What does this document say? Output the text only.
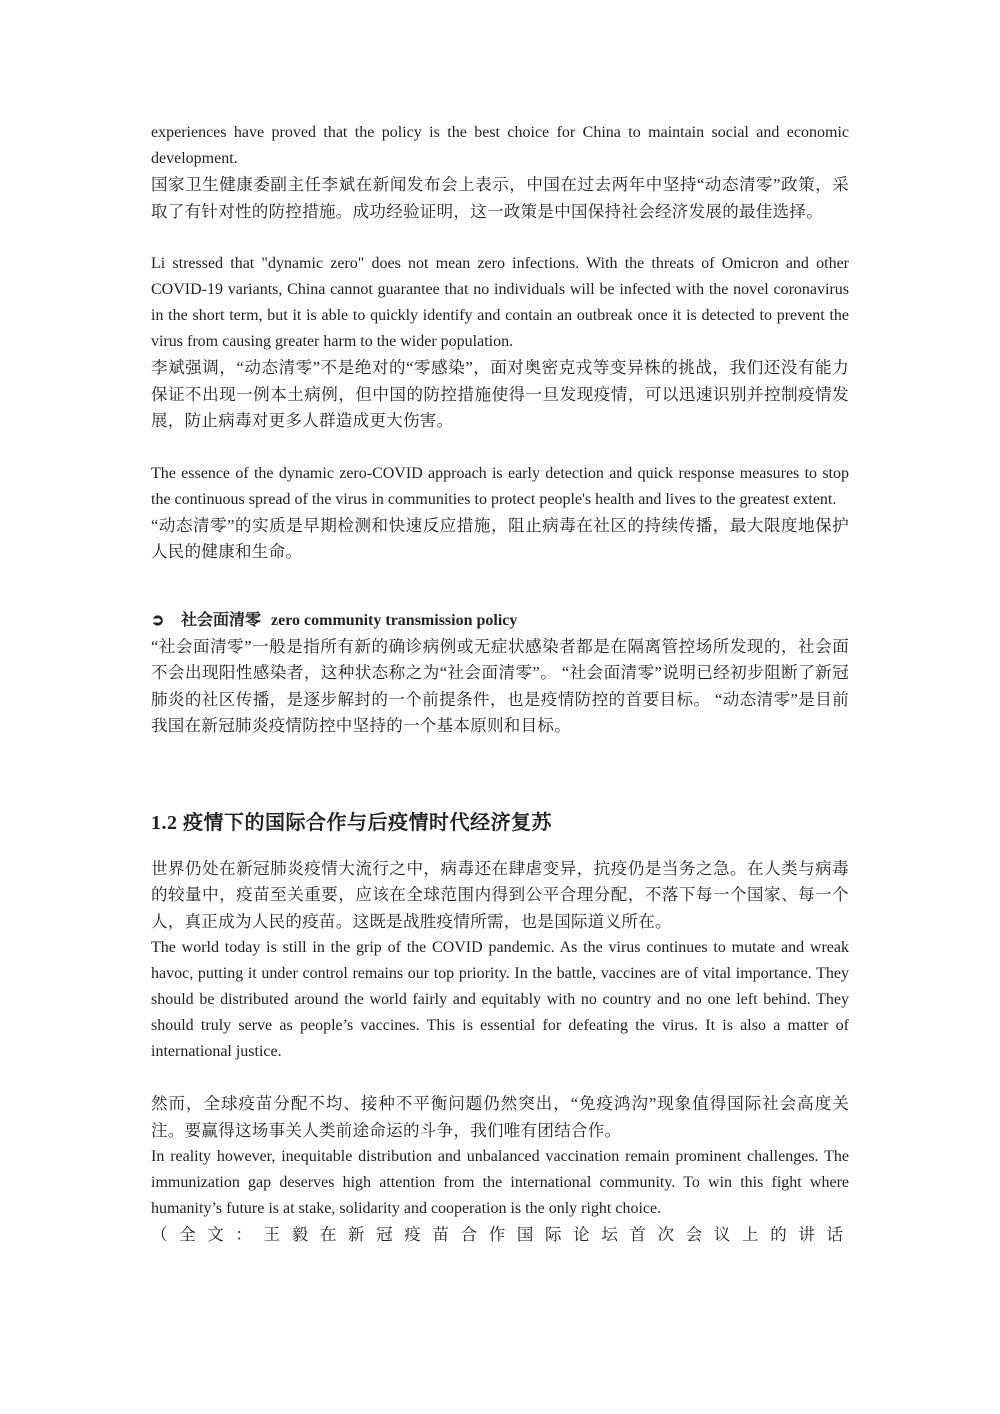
experiences have proved that the policy is the best choice for China to maintain social and economic development.

国家卫生健康委副主任李斌在新闻发布会上表示，中国在过去两年中坚持“动态清零”政策，采取了有针对性的防控措施。成功经验证明，这一政策是中国保持社会经济发展的最佳选择。

Li stressed that "dynamic zero" does not mean zero infections. With the threats of Omicron and other COVID-19 variants, China cannot guarantee that no individuals will be infected with the novel coronavirus in the short term, but it is able to quickly identify and contain an outbreak once it is detected to prevent the virus from causing greater harm to the wider population.

李斌强调，“动态清零”不是绝对的“零感染”，面对奥密克戎等变异株的挑战，我们还没有能力保证不出现一例本土病例，但中国的防控措施使得一旦发现疫情，可以迅速识别并控制疫情发展，防止病毒对更多人群造成更大伤害。

The essence of the dynamic zero-COVID approach is early detection and quick response measures to stop the continuous spread of the virus in communities to protect people's health and lives to the greatest extent.

“动态清零”的实质是早期检测和快速反应措施，阻止病毒在社区的持续传播，最大限度地保护人民的健康和生命。

➲	社会面清零 zero community transmission policy

“社会面清零”一般是指所有新的确诊病例或无症状感染者都是在隔离管控场所发现的，社会面不会出现阳性感染者，这种状态称之为“社会面清零”。 “社会面清零”说明已经初步阻断了新冠肺炎的社区传播，是逐步解封的一个前提条件，也是疫情防控的首要目标。 “动态清零”是目前我国在新冠肺炎疫情防控中坚持的一个基本原则和目标。

1.2 疫情下的国际合作与后疫情时代经济复苏

世界仍处在新冠肺炎疫情大流行之中，病毒还在肆虐变异，抗疫仍是当务之急。在人类与病毒的较量中，疫苗至关重要，应该在全球范围内得到公平合理分配，不落下每一个国家、每一个人，真正成为人民的疫苗。这既是战胜疫情所需，也是国际道义所在。

The world today is still in the grip of the COVID pandemic. As the virus continues to mutate and wreak havoc, putting it under control remains our top priority. In the battle, vaccines are of vital importance. They should be distributed around the world fairly and equitably with no country and no one left behind. They should truly serve as people’s vaccines. This is essential for defeating the virus. It is also a matter of international justice.

然而，全球疫苗分配不均、接种不平衡问题仍然突出，“免疫鸿沟”现象值得国际社会高度关注。要赢得这场事关人类前途命运的斗争，我们唯有团结合作。

In reality however, inequitable distribution and unbalanced vaccination remain prominent challenges. The immunization gap deserves high attention from the international community. To win this fight where humanity’s future is at stake, solidarity and cooperation is the only right choice.

（全文：王毅在新冠疫苗合作国际论坛首次会议上的讲话
